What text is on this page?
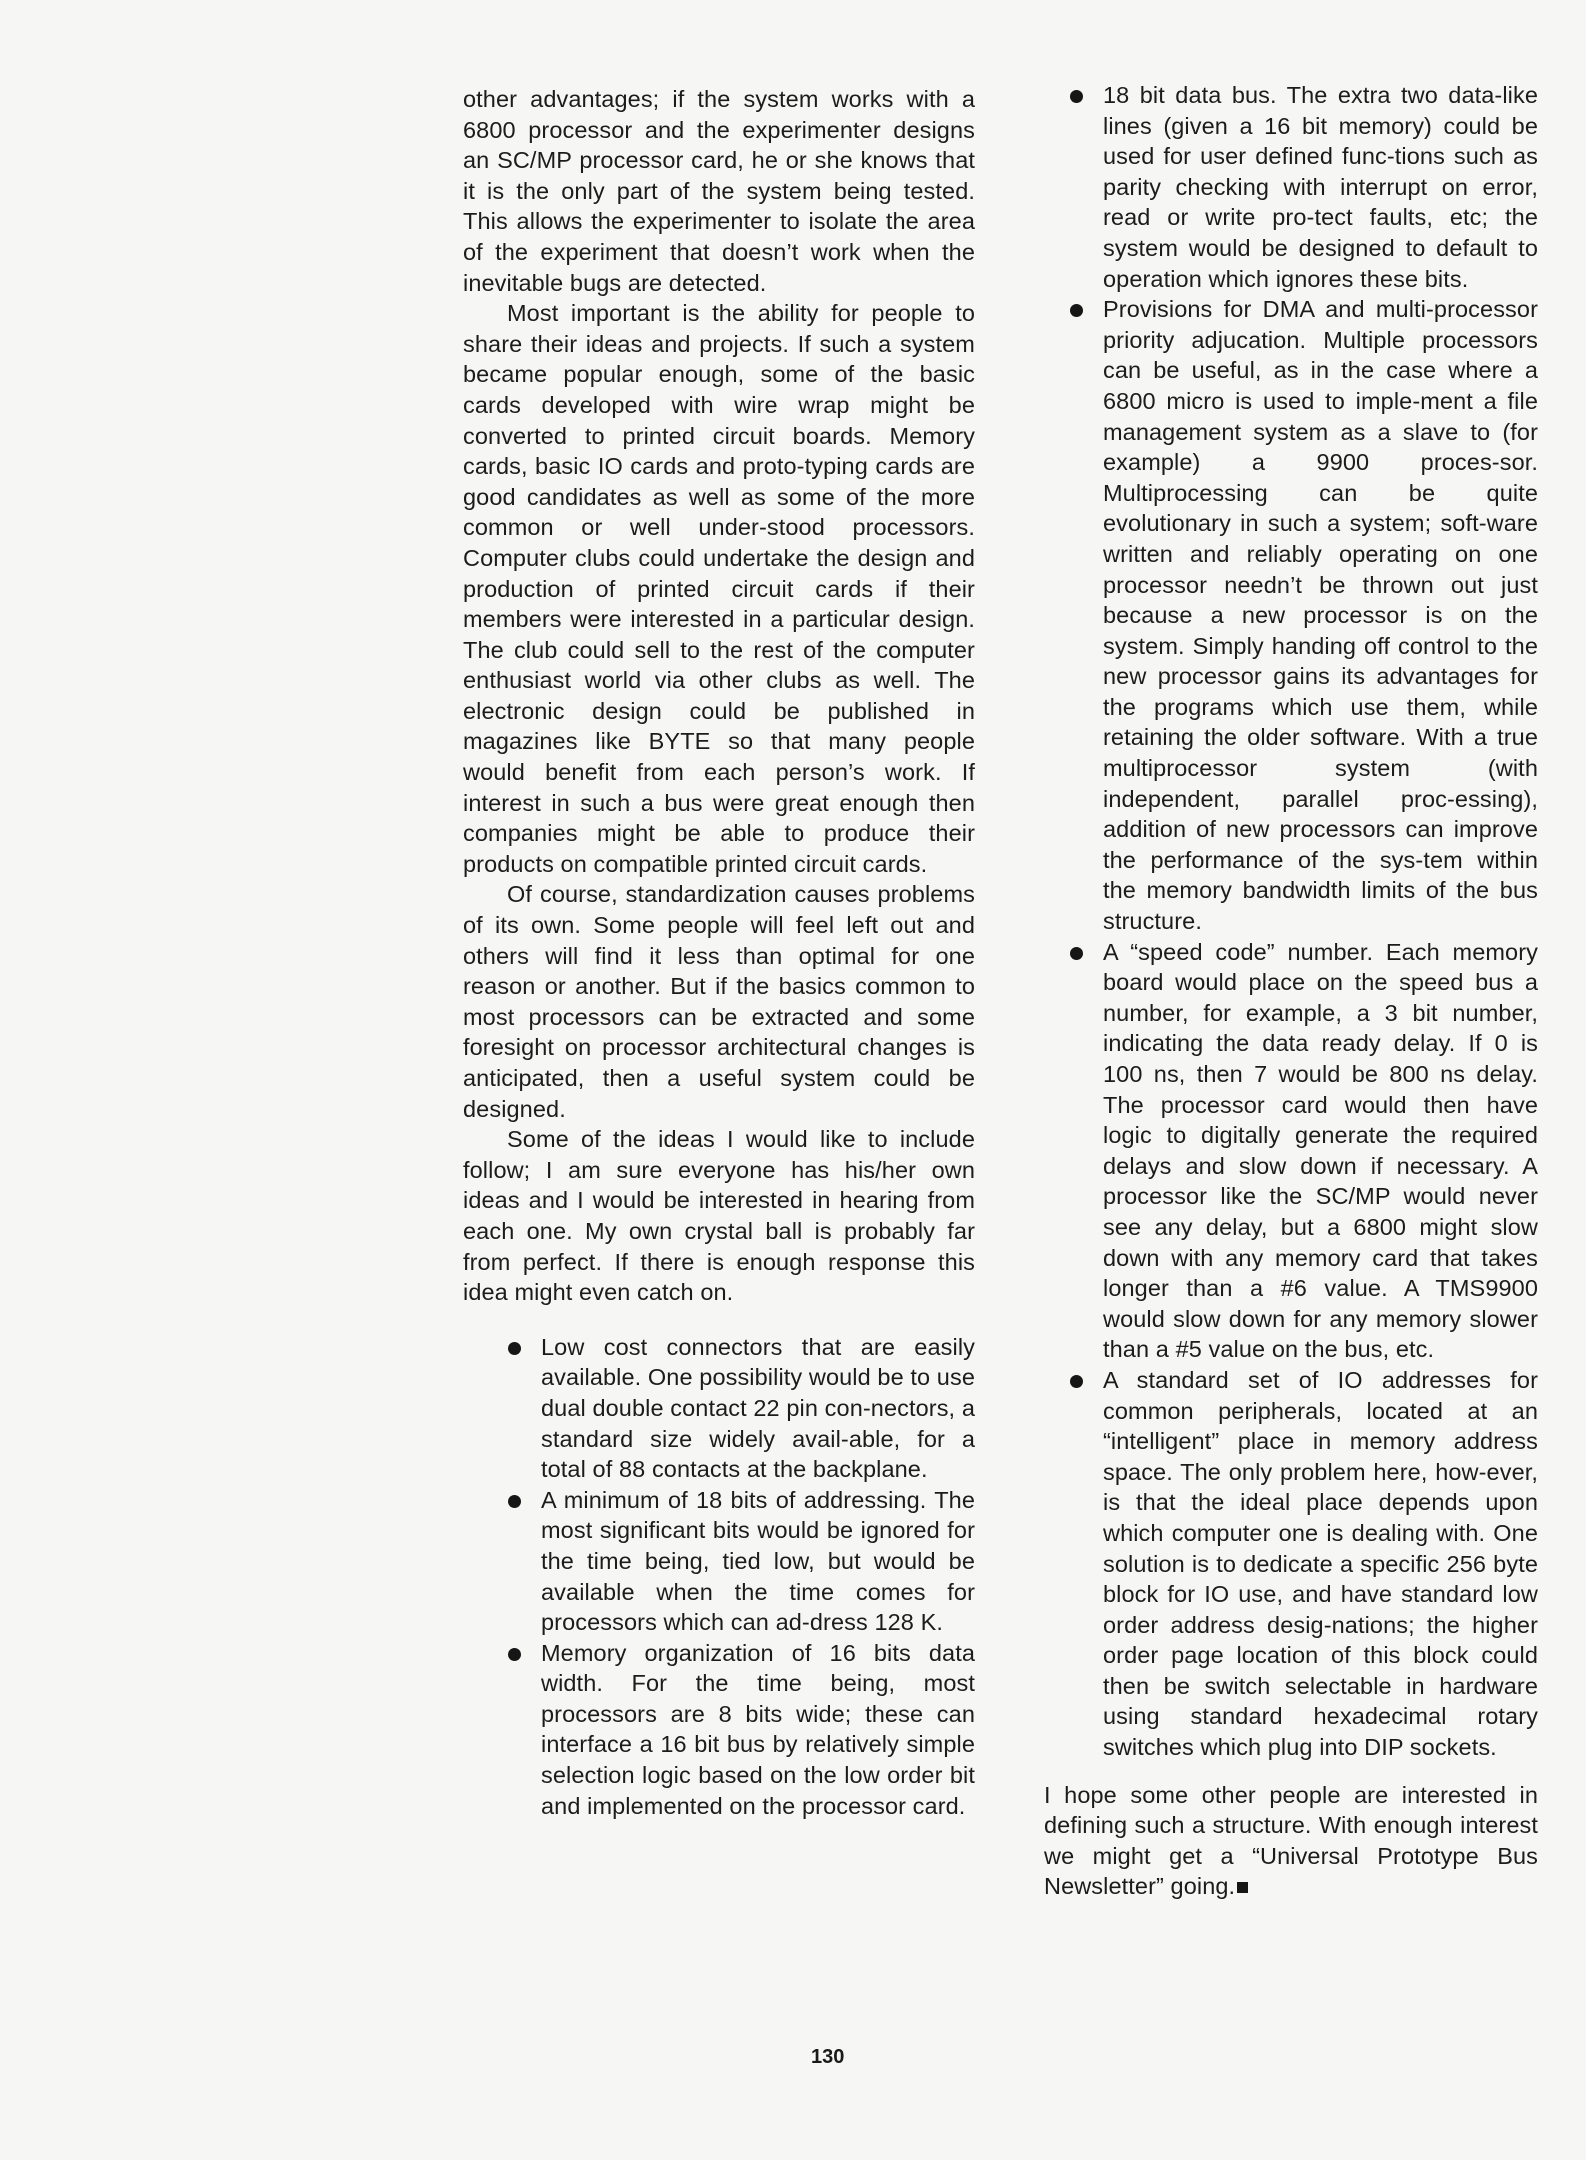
other advantages; if the system works with a 6800 processor and the experimenter designs an SC/MP processor card, he or she knows that it is the only part of the system being tested. This allows the experimenter to isolate the area of the experiment that doesn’t work when the inevitable bugs are detected.

Most important is the ability for people to share their ideas and projects. If such a system became popular enough, some of the basic cards developed with wire wrap might be converted to printed circuit boards. Memory cards, basic IO cards and proto-typing cards are good candidates as well as some of the more common or well under-stood processors. Computer clubs could undertake the design and production of printed circuit cards if their members were interested in a particular design. The club could sell to the rest of the computer enthusiast world via other clubs as well. The electronic design could be published in magazines like BYTE so that many people would benefit from each person’s work. If interest in such a bus were great enough then companies might be able to produce their products on compatible printed circuit cards.

Of course, standardization causes problems of its own. Some people will feel left out and others will find it less than optimal for one reason or another. But if the basics common to most processors can be extracted and some foresight on processor architectural changes is anticipated, then a useful system could be designed.

Some of the ideas I would like to include follow; I am sure everyone has his/her own ideas and I would be interested in hearing from each one. My own crystal ball is probably far from perfect. If there is enough response this idea might even catch on.

Low cost connectors that are easily available. One possibility would be to use dual double contact 22 pin con-nectors, a standard size widely avail-able, for a total of 88 contacts at the backplane.
A minimum of 18 bits of addressing. The most significant bits would be ignored for the time being, tied low, but would be available when the time comes for processors which can ad-dress 128 K.
Memory organization of 16 bits data width. For the time being, most processors are 8 bits wide; these can interface a 16 bit bus by relatively simple selection logic based on the low order bit and implemented on the processor card.
18 bit data bus. The extra two data-like lines (given a 16 bit memory) could be used for user defined func-tions such as parity checking with interrupt on error, read or write pro-tect faults, etc; the system would be designed to default to operation which ignores these bits.
Provisions for DMA and multi-processor priority adjucation. Multiple processors can be useful, as in the case where a 6800 micro is used to imple-ment a file management system as a slave to (for example) a 9900 proces-sor. Multiprocessing can be quite evolutionary in such a system; soft-ware written and reliably operating on one processor needn’t be thrown out just because a new processor is on the system. Simply handing off control to the new processor gains its advantages for the programs which use them, while retaining the older software. With a true multiprocessor system (with independent, parallel proc-essing), addition of new processors can improve the performance of the sys-tem within the memory bandwidth limits of the bus structure.
A “speed code” number. Each memory board would place on the speed bus a number, for example, a 3 bit number, indicating the data ready delay. If 0 is 100 ns, then 7 would be 800 ns delay. The processor card would then have logic to digitally generate the required delays and slow down if necessary. A processor like the SC/MP would never see any delay, but a 6800 might slow down with any memory card that takes longer than a #6 value. A TMS9900 would slow down for any memory slower than a #5 value on the bus, etc.
A standard set of IO addresses for common peripherals, located at an “intelligent” place in memory address space. The only problem here, how-ever, is that the ideal place depends upon which computer one is dealing with. One solution is to dedicate a specific 256 byte block for IO use, and have standard low order address desig-nations; the higher order page location of this block could then be switch selectable in hardware using standard hexadecimal rotary switches which plug into DIP sockets.

I hope some other people are interested in defining such a structure. With enough interest we might get a “Universal Prototype Bus Newsletter” going.

130
